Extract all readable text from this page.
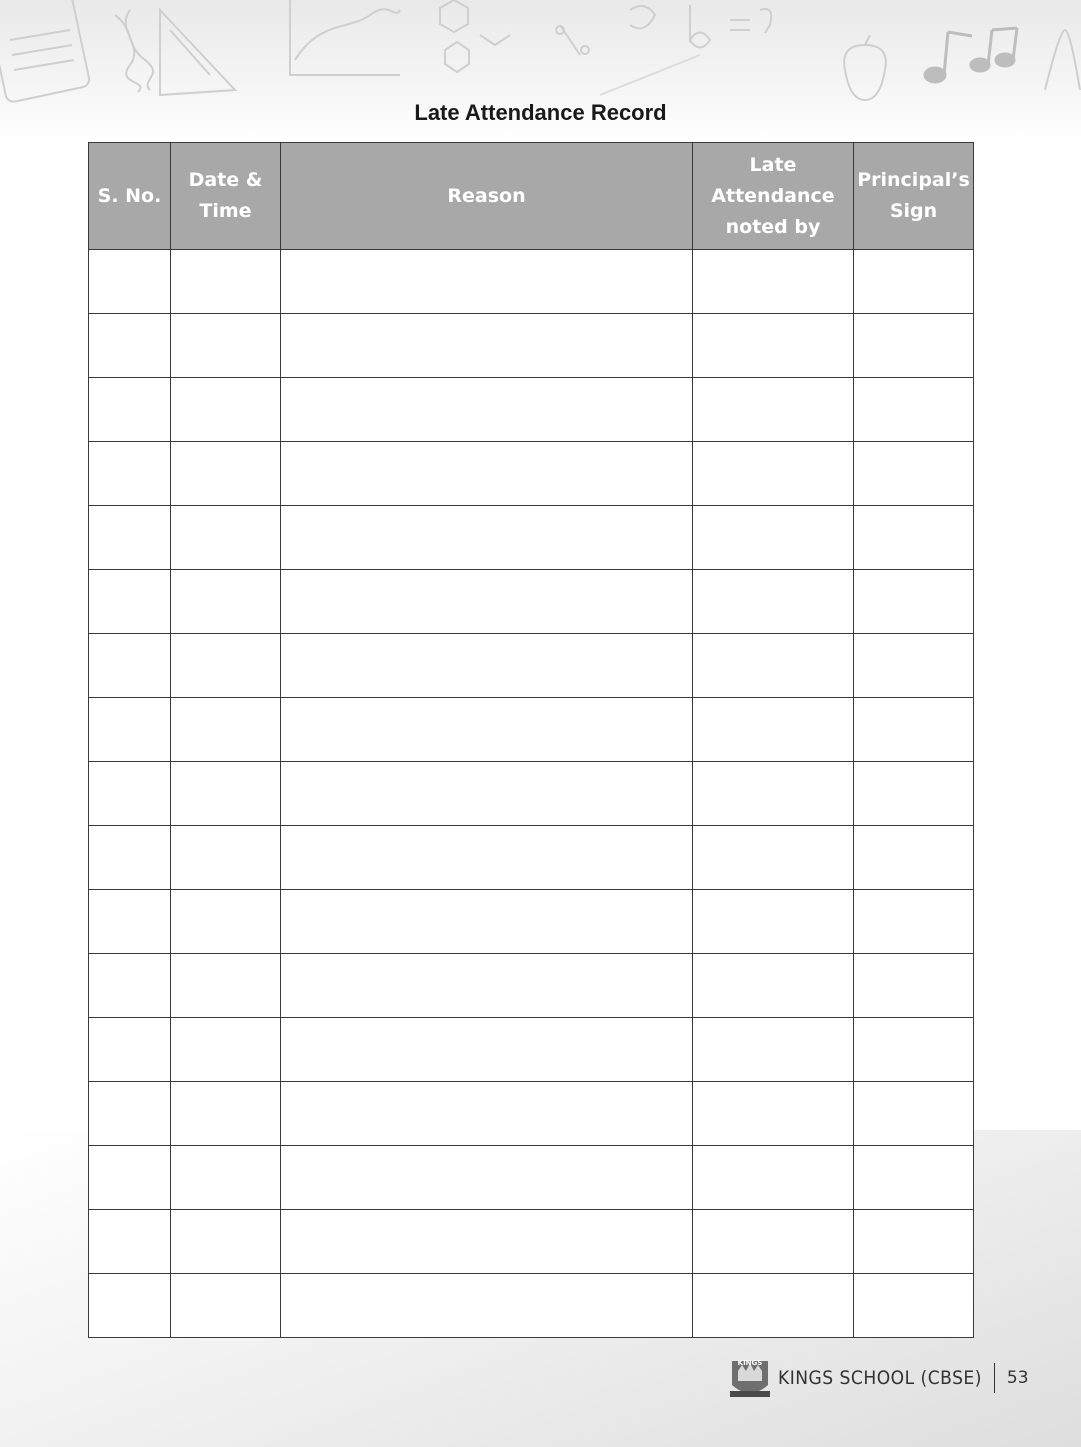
Late Attendance Record
S. No.	Date & Time	Reason	Late Attendance noted by	Principal’s Sign

KINGS
KINGS SCHOOL (CBSE) 53
